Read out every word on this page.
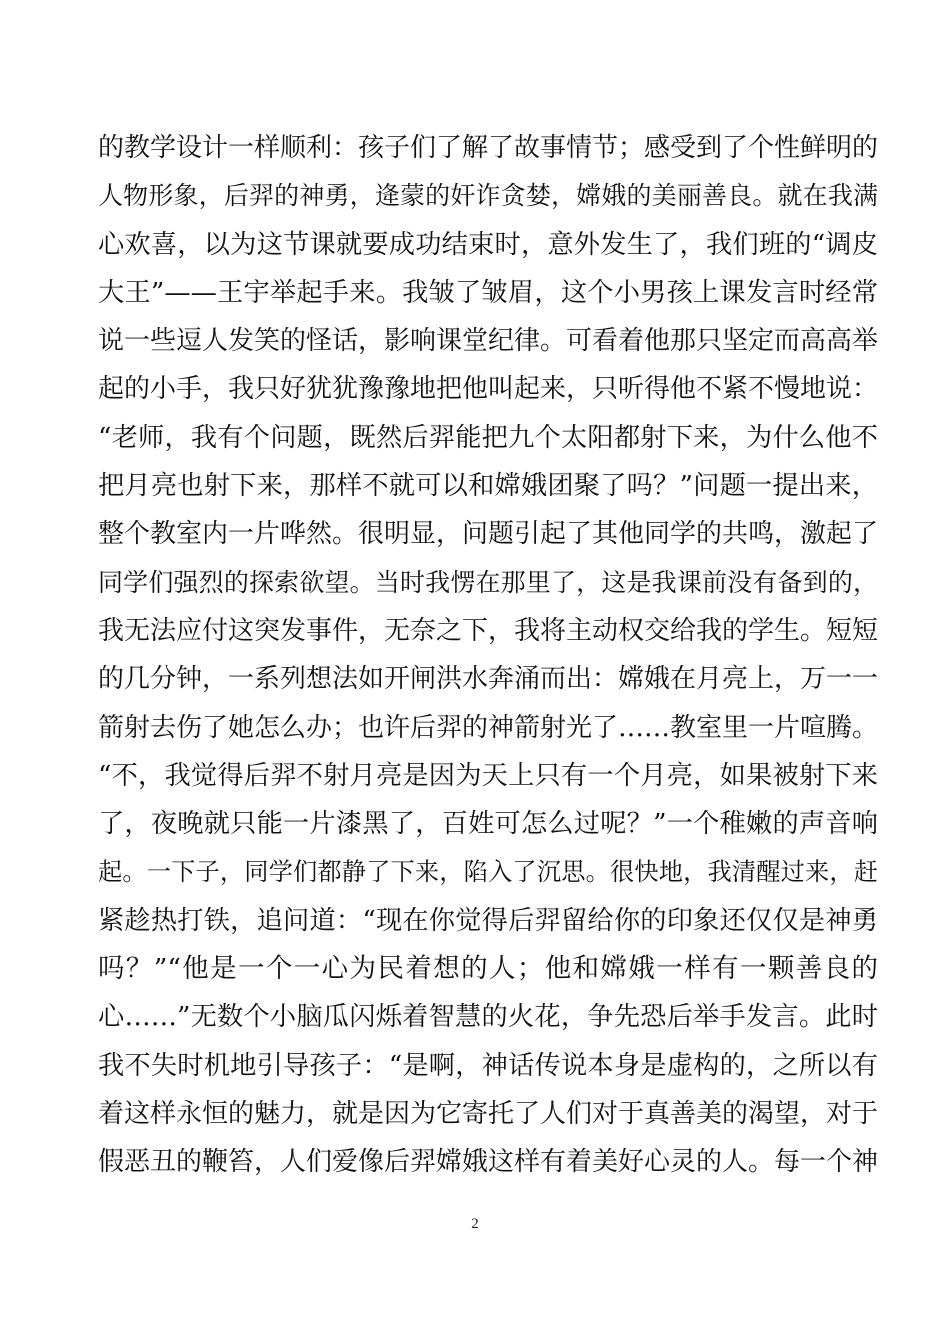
的教学设计一样顺利：孩子们了解了故事情节；感受到了个性鲜明的
人物形象，后羿的神勇，逄蒙的奸诈贪婪，嫦娥的美丽善良。就在我满
心欢喜，以为这节课就要成功结束时，意外发生了，我们班的“调皮
大王”——王宇举起手来。我皱了皱眉，这个小男孩上课发言时经常
说一些逗人发笑的怪话，影响课堂纪律。可看着他那只坚定而高高举
起的小手，我只好犹犹豫豫地把他叫起来，只听得他不紧不慢地说：
“老师，我有个问题，既然后羿能把九个太阳都射下来，为什么他不
把月亮也射下来，那样不就可以和嫦娥团聚了吗？”问题一提出来，
整个教室内一片哗然。很明显，问题引起了其他同学的共鸣，激起了
同学们强烈的探索欲望。当时我愣在那里了，这是我课前没有备到的，
我无法应付这突发事件，无奈之下，我将主动权交给我的学生。短短
的几分钟，一系列想法如开闸洪水奔涌而出：嫦娥在月亮上，万一一
箭射去伤了她怎么办；也许后羿的神箭射光了……教室里一片喧腾。
“不，我觉得后羿不射月亮是因为天上只有一个月亮，如果被射下来
了，夜晚就只能一片漆黑了，百姓可怎么过呢？”一个稚嫩的声音响
起。一下子，同学们都静了下来，陷入了沉思。很快地，我清醒过来，赶
紧趁热打铁，追问道：“现在你觉得后羿留给你的印象还仅仅是神勇
吗？”“他是一个一心为民着想的人；他和嫦娥一样有一颗善良的
心……”无数个小脑瓜闪烁着智慧的火花，争先恐后举手发言。此时
我不失时机地引导孩子：“是啊，神话传说本身是虚构的，之所以有
着这样永恒的魅力，就是因为它寄托了人们对于真善美的渴望，对于
假恶丑的鞭笞，人们爱像后羿嫦娥这样有着美好心灵的人。每一个神
2
